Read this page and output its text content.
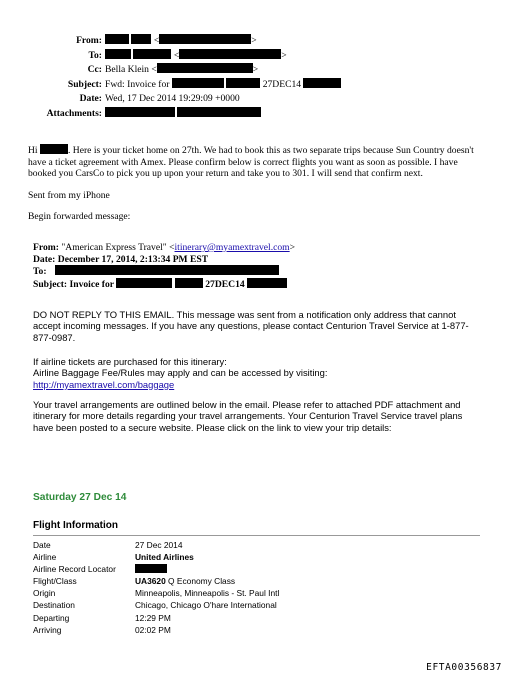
From:	<	>
To:	<	>
Cc: Bella Klein <	>
Subject: Fwd: Invoice for	27DEC14
Date: Wed, 17 Dec 2014 19:29:09 +0000
Attachments:

Hi	. Here is your ticket home on 27th. We had to book this as two separate trips because Sun Country doesn't have a ticket agreement with Amex. Please confirm below is correct flights you want as soon as possible. I have booked you CarsCo to pick you up upon your return and take you to 301. I will send that confirm next.
Sent from my iPhone
Begin forwarded message:
From: "American Express Travel" <itinerary@myamextravel.com>
Date: December 17, 2014, 2:13:34 PM EST
To:
Subject: Invoice for	27DEC14
DO NOT REPLY TO THIS EMAIL. This message was sent from a notification only address that cannot accept incoming messages. If you have any questions, please contact Centurion Travel Service at 1-877-877-0987.
If airline tickets are purchased for this itinerary:
Airline Baggage Fee/Rules may apply and can be accessed by visiting:
http://myamextravel.com/baggage
Your travel arrangements are outlined below in the email. Please refer to attached PDF attachment and itinerary for more details regarding your travel arrangements. Your Centurion Travel Service travel plans have been posted to a secure website. Please click on the link to view your trip details:
Saturday 27 Dec 14
Flight Information
Date	27 Dec 2014
Airline	United Airlines
Airline Record Locator
Flight/Class	UA3620 Q Economy Class
Origin	Minneapolis, Minneapolis - St. Paul Intl
Destination	Chicago, Chicago O'hare International
Departing	12:29 PM
Arriving	02:02 PM
EFTA00356837
